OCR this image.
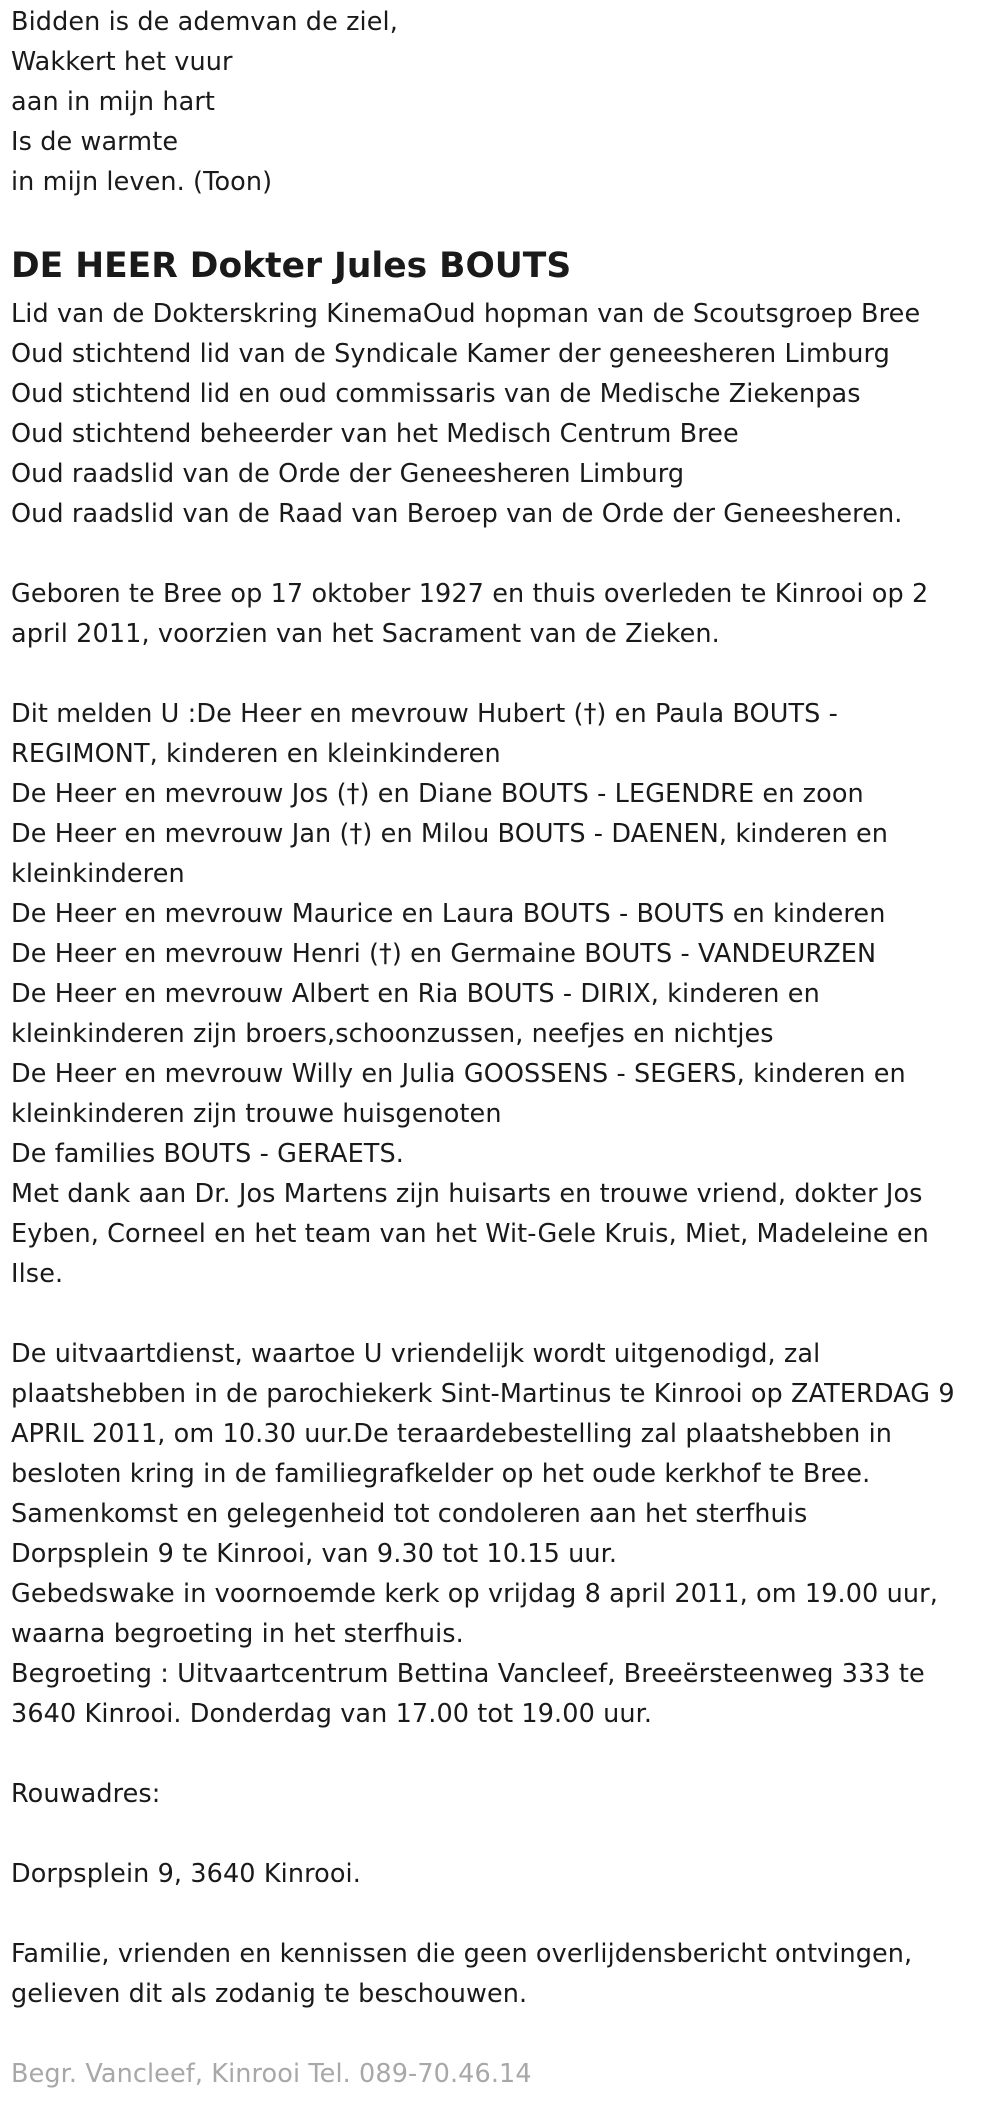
Bidden is de ademvan de ziel,
Wakkert het vuur
aan in mijn hart
Is de warmte
in mijn leven. (Toon)
DE HEER Dokter Jules BOUTS
Lid van de Dokterskring KinemaOud hopman van de Scoutsgroep Bree
Oud stichtend lid van de Syndicale Kamer der geneesheren Limburg
Oud stichtend lid en oud commissaris van de Medische Ziekenpas
Oud stichtend beheerder van het Medisch Centrum Bree
Oud raadslid van de Orde der Geneesheren Limburg
Oud raadslid van de Raad van Beroep van de Orde der Geneesheren.
Geboren te Bree op 17 oktober 1927 en thuis overleden te Kinrooi op 2
april 2011, voorzien van het Sacrament van de Zieken.
Dit melden U :De Heer en mevrouw Hubert (†) en Paula BOUTS -
REGIMONT, kinderen en kleinkinderen
De Heer en mevrouw Jos (†) en Diane BOUTS - LEGENDRE en zoon
De Heer en mevrouw Jan (†) en Milou BOUTS - DAENEN, kinderen en
kleinkinderen
De Heer en mevrouw Maurice en Laura BOUTS - BOUTS en kinderen
De Heer en mevrouw Henri (†) en Germaine BOUTS - VANDEURZEN
De Heer en mevrouw Albert en Ria BOUTS - DIRIX, kinderen en
kleinkinderen zijn broers,schoonzussen, neefjes en nichtjes
De Heer en mevrouw Willy en Julia GOOSSENS - SEGERS, kinderen en
kleinkinderen zijn trouwe huisgenoten
De families BOUTS - GERAETS.
Met dank aan Dr. Jos Martens zijn huisarts en trouwe vriend, dokter Jos
Eyben, Corneel en het team van het Wit-Gele Kruis, Miet, Madeleine en
Ilse.
De uitvaartdienst, waartoe U vriendelijk wordt uitgenodigd, zal
plaatshebben in de parochiekerk Sint-Martinus te Kinrooi op ZATERDAG 9
APRIL 2011, om 10.30 uur.De teraardebestelling zal plaatshebben in
besloten kring in de familiegrafkelder op het oude kerkhof te Bree.
Samenkomst en gelegenheid tot condoleren aan het sterfhuis
Dorpsplein 9 te Kinrooi, van 9.30 tot 10.15 uur.
Gebedswake in voornoemde kerk op vrijdag 8 april 2011, om 19.00 uur,
waarna begroeting in het sterfhuis.
Begroeting : Uitvaartcentrum Bettina Vancleef, Breeërsteenweg 333 te
3640 Kinrooi. Donderdag van 17.00 tot 19.00 uur.
Rouwadres:
Dorpsplein 9, 3640 Kinrooi.
Familie, vrienden en kennissen die geen overlijdensbericht ontvingen,
gelieven dit als zodanig te beschouwen.
Begr. Vancleef, Kinrooi Tel. 089-70.46.14
